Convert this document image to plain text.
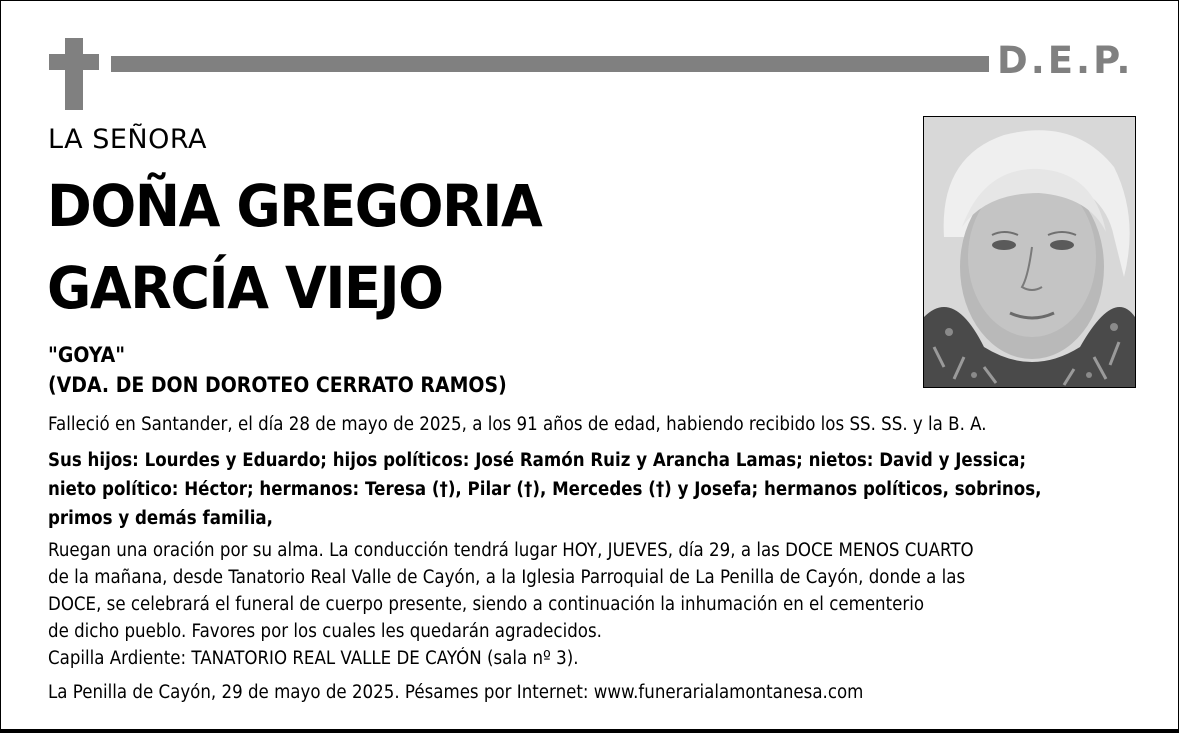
D.E.P.
LA SEÑORA
DOÑA GREGORIA
GARCÍA VIEJO
"GOYA"
(VDA. DE DON DOROTEO CERRATO RAMOS)
Falleció en Santander, el día 28 de mayo de 2025, a los 91 años de edad, habiendo recibido los SS. SS. y la B. A.
Sus hijos: Lourdes y Eduardo; hijos políticos: José Ramón Ruiz y Arancha Lamas; nietos: David y Jessica;
nieto político: Héctor; hermanos: Teresa (†), Pilar (†), Mercedes (†) y Josefa; hermanos políticos, sobrinos,
primos y demás familia,
Ruegan una oración por su alma. La conducción tendrá lugar HOY, JUEVES, día 29, a las DOCE MENOS CUARTO
de la mañana, desde Tanatorio Real Valle de Cayón, a la Iglesia Parroquial de La Penilla de Cayón, donde a las
DOCE, se celebrará el funeral de cuerpo presente, siendo a continuación la inhumación en el cementerio
de dicho pueblo. Favores por los cuales les quedarán agradecidos.
Capilla Ardiente: TANATORIO REAL VALLE DE CAYÓN (sala nº 3).
La Penilla de Cayón, 29 de mayo de 2025. Pésames por Internet: www.funerarialamontanesa.com
